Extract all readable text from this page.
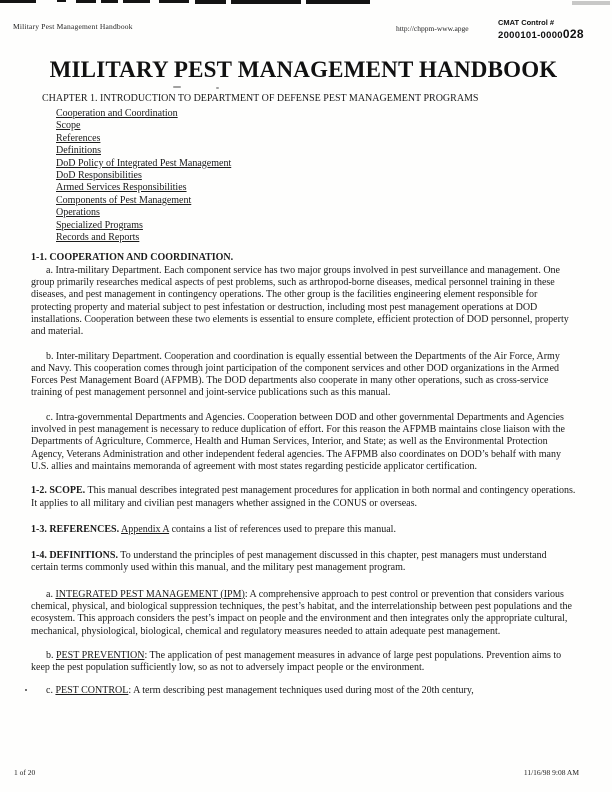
Military Pest Management Handbook	http://chppm-www.apge
CMAT Control #
2000101-0000028
MILITARY PEST MANAGEMENT HANDBOOK
CHAPTER 1. INTRODUCTION TO DEPARTMENT OF DEFENSE PEST MANAGEMENT PROGRAMS
Cooperation and Coordination
Scope
References
Definitions
DoD Policy of Integrated Pest Management
DoD Responsibilities
Armed Services Responsibilities
Components of Pest Management
Operations
Specialized Programs
Records and Reports

1-1. COOPERATION AND COORDINATION.

a. Intra-military Department. Each component service has two major groups involved in pest surveillance and management. One group primarily researches medical aspects of pest problems, such as arthropod-borne diseases, medical personnel training in these diseases, and pest management in contingency operations. The other group is the facilities engineering element responsible for protecting property and material subject to pest infestation or destruction, including most pest management operations at DOD installations. Cooperation between these two elements is essential to ensure complete, efficient protection of DOD personnel, property and material.

b. Inter-military Department. Cooperation and coordination is equally essential between the Departments of the Air Force, Army and Navy. This cooperation comes through joint participation of the component services and other DOD organizations in the Armed Forces Pest Management Board (AFPMB). The DOD departments also cooperate in many other operations, such as cross-service training of pest management personnel and joint-service publications such as this manual.

c. Intra-governmental Departments and Agencies. Cooperation between DOD and other governmental Departments and Agencies involved in pest management is necessary to reduce duplication of effort. For this reason the AFPMB maintains close liaison with the Departments of Agriculture, Commerce, Health and Human Services, Interior, and State; as well as the Environmental Protection Agency, Veterans Administration and other independent federal agencies. The AFPMB also coordinates on DOD’s behalf with many U.S. allies and maintains memoranda of agreement with most states regarding pesticide applicator certification.

1-2. SCOPE. This manual describes integrated pest management procedures for application in both normal and contingency operations. It applies to all military and civilian pest managers whether assigned in the CONUS or overseas.

1-3. REFERENCES. Appendix A contains a list of references used to prepare this manual.

1-4. DEFINITIONS. To understand the principles of pest management discussed in this chapter, pest managers must understand certain terms commonly used within this manual, and the military pest management program.

a. INTEGRATED PEST MANAGEMENT (IPM): A comprehensive approach to pest control or prevention that considers various chemical, physical, and biological suppression techniques, the pest’s habitat, and the interrelationship between pest populations and the ecosystem. This approach considers the pest’s impact on people and the environment and then integrates only the appropriate cultural, mechanical, physiological, biological, chemical and regulatory measures needed to attain adequate pest management.

b. PEST PREVENTION: The application of pest management measures in advance of large pest populations. Prevention aims to keep the pest population sufficiently low, so as not to adversely impact people or the environment.

c. PEST CONTROL: A term describing pest management techniques used during most of the 20th century,

1 of 20	11/16/98 9:08 AM
